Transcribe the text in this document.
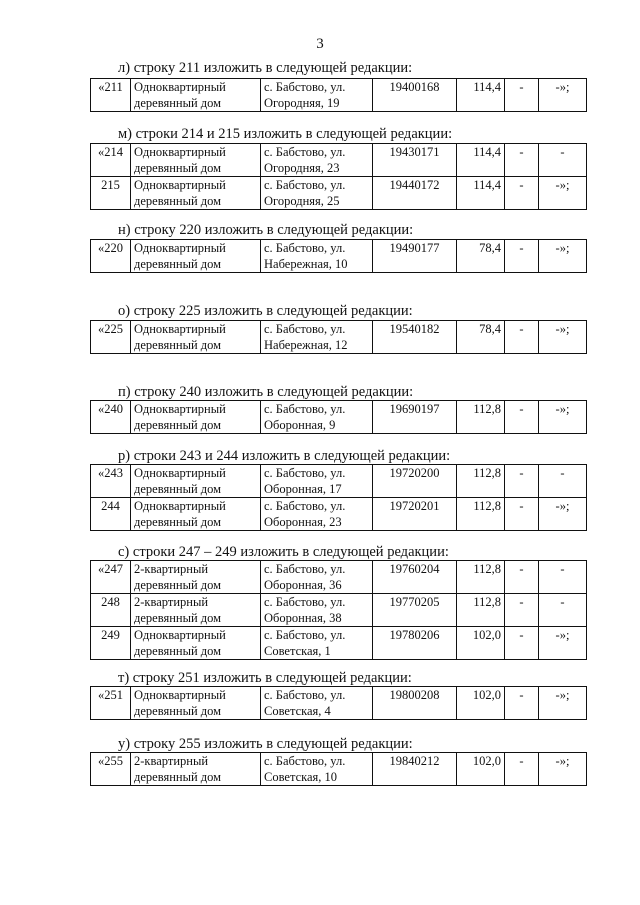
3
л) строку 211 изложить в следующей редакции:
«211	Одноквартирный деревянный дом	с. Бабстово, ул. Огородняя, 19	19400168	114,4	-	-»;
м) строки 214 и 215 изложить в следующей редакции:
«214	Одноквартирный деревянный дом	с. Бабстово, ул. Огородняя, 23	19430171	114,4	-	-
215	Одноквартирный деревянный дом	с. Бабстово, ул. Огородняя, 25	19440172	114,4	-	-»;
н) строку 220 изложить в следующей редакции:
«220	Одноквартирный деревянный дом	с. Бабстово, ул. Набережная, 10	19490177	78,4	-	-»;
о) строку 225 изложить в следующей редакции:
«225	Одноквартирный деревянный дом	с. Бабстово, ул. Набережная, 12	19540182	78,4	-	-»;
п) строку 240 изложить в следующей редакции:
«240	Одноквартирный деревянный дом	с. Бабстово, ул. Оборонная, 9	19690197	112,8	-	-»;
р) строки 243 и 244 изложить в следующей редакции:
«243	Одноквартирный деревянный дом	с. Бабстово, ул. Оборонная, 17	19720200	112,8	-	-
244	Одноквартирный деревянный дом	с. Бабстово, ул. Оборонная, 23	19720201	112,8	-	-»;
с) строки 247 – 249 изложить в следующей редакции:
«247	2-квартирный деревянный дом	с. Бабстово, ул. Оборонная, 36	19760204	112,8	-	-
248	2-квартирный деревянный дом	с. Бабстово, ул. Оборонная, 38	19770205	112,8	-	-
249	Одноквартирный деревянный дом	с. Бабстово, ул. Советская, 1	19780206	102,0	-	-»;
т) строку 251 изложить в следующей редакции:
«251	Одноквартирный деревянный дом	с. Бабстово, ул. Советская, 4	19800208	102,0	-	-»;
у) строку 255 изложить в следующей редакции:
«255	2-квартирный деревянный дом	с. Бабстово, ул. Советская, 10	19840212	102,0	-	-»;
